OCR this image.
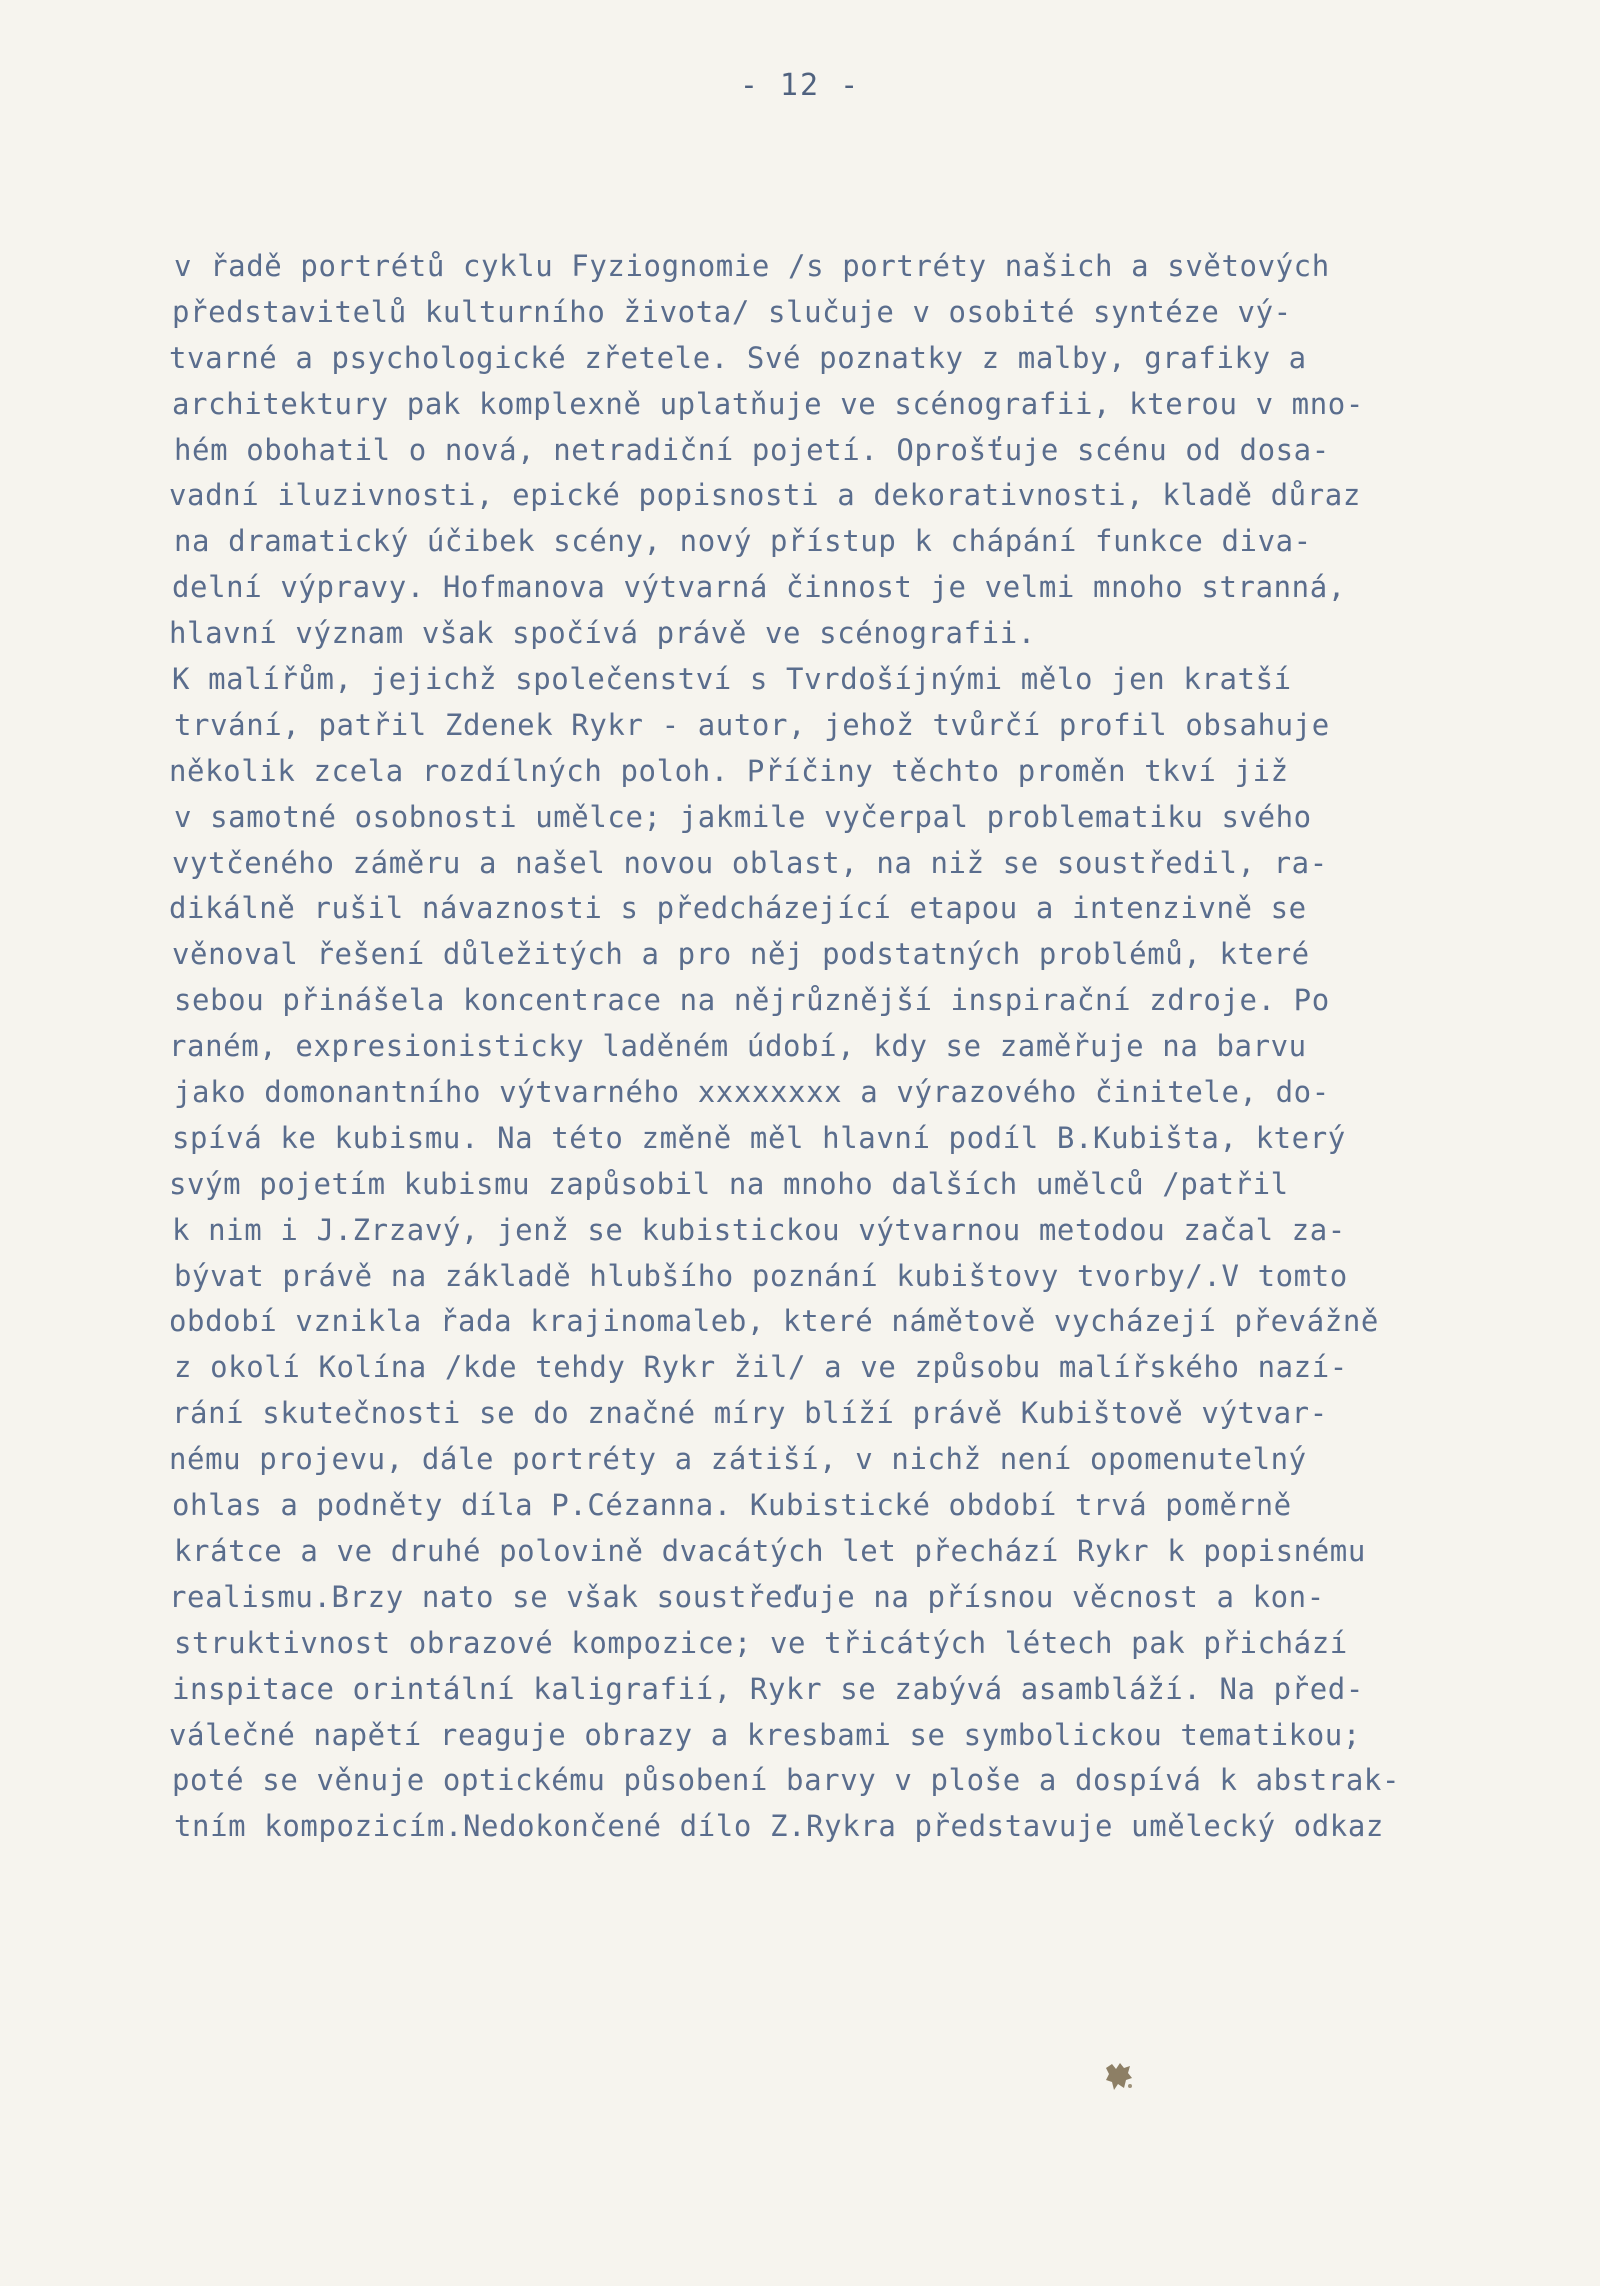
- 12 -
v řadě portrétů cyklu Fyziognomie /s portréty našich a světových
představitelů kulturního života/ slučuje v osobité syntéze vý-
tvarné a psychologické zřetele. Své poznatky z malby, grafiky a
architektury pak komplexně uplatňuje ve scénografii, kterou v mno-
hém obohatil o nová, netradiční pojetí. Oprošťuje scénu od dosa-
vadní iluzivnosti, epické popisnosti a dekorativnosti, kladě důraz
na dramatický účibek scény, nový přístup k chápání funkce diva-
delní výpravy. Hofmanova výtvarná činnost je velmi mnoho stranná,
hlavní význam však spočívá právě ve scénografii.
K malířům, jejichž společenství s Tvrdošíjnými mělo jen kratší
trvání, patřil Zdenek Rykr - autor, jehož tvůrčí profil obsahuje
několik zcela rozdílných poloh. Příčiny těchto proměn tkví již
v samotné osobnosti umělce; jakmile vyčerpal problematiku svého
vytčeného záměru a našel novou oblast, na niž se soustředil, ra-
dikálně rušil návaznosti s předcházející etapou a intenzivně se
věnoval řešení důležitých a pro něj podstatných problémů, které
sebou přinášela koncentrace na nějrůznější inspirační zdroje. Po
raném, expresionisticky laděném údobí, kdy se zaměřuje na barvu
jako domonantního výtvarného xxxxxxxx a výrazového činitele, do-
spívá ke kubismu. Na této změně měl hlavní podíl B.Kubišta, který
svým pojetím kubismu zapůsobil na mnoho dalších umělců /patřil
k nim i J.Zrzavý, jenž se kubistickou výtvarnou metodou začal za-
bývat právě na základě hlubšího poznání kubištovy tvorby/.V tomto
období vznikla řada krajinomaleb, které námětově vycházejí převážně
z okolí Kolína /kde tehdy Rykr žil/ a ve způsobu malířského nazí-
rání skutečnosti se do značné míry blíží právě Kubištově výtvar-
nému projevu, dále portréty a zátiší, v nichž není opomenutelný
ohlas a podněty díla P.Cézanna. Kubistické období trvá poměrně
krátce a ve druhé polovině dvacátých let přechází Rykr k popisnému
realismu.Brzy nato se však soustřeďuje na přísnou věcnost a kon-
struktivnost obrazové kompozice; ve třicátých létech pak přichází
inspitace orintální kaligrafií, Rykr se zabývá asambláží. Na před-
válečné napětí reaguje obrazy a kresbami se symbolickou tematikou;
poté se věnuje optickému působení barvy v ploše a dospívá k abstrak-
tním kompozicím.Nedokončené dílo Z.Rykra představuje umělecký odkaz
